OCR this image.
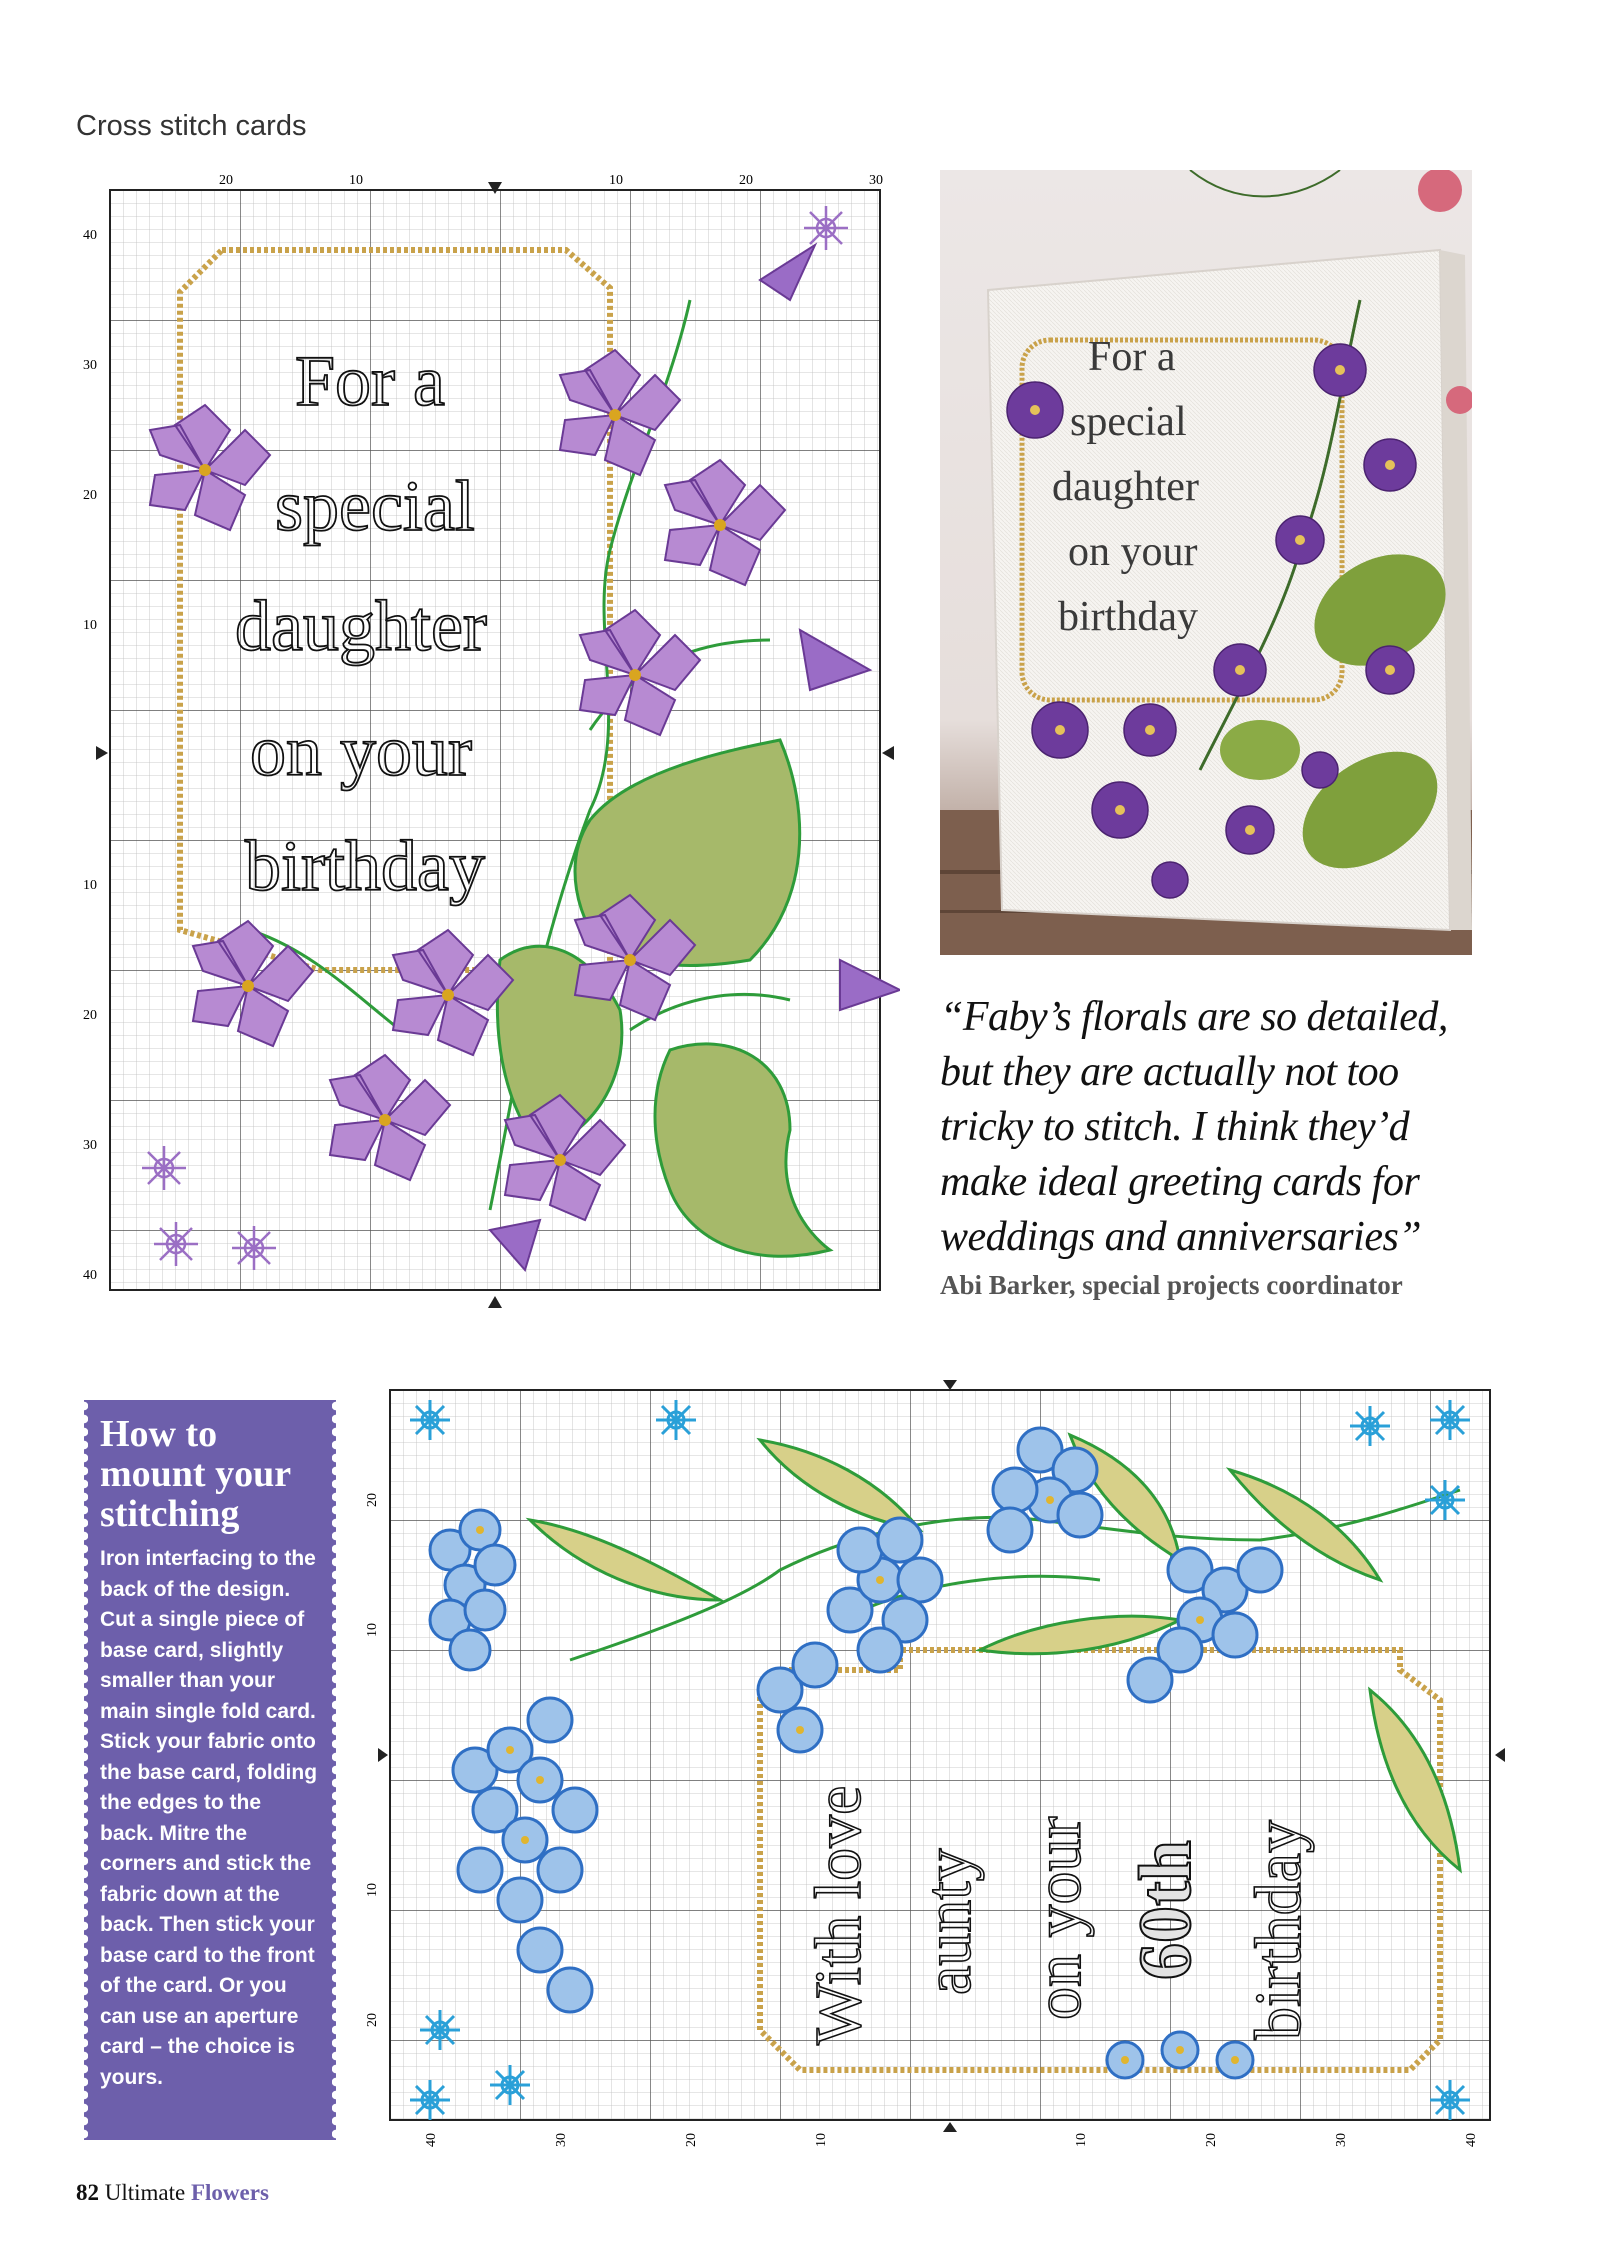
Cross stitch cards
20	10	10	20	30
40
30
20
10
10
20
30
40
For a
special
daughter
on your
birthday
For a
special
daughter
on your
birthday
“Faby’s florals are so detailed,
but they are actually not too
tricky to stitch. I think they’d
make ideal greeting cards for
weddings and anniversaries”
Abi Barker, special projects coordinator
How to
mount your
stitching

Iron interfacing to the back of the design. Cut a single piece of base card, slightly smaller than your main single fold card. Stick your fabric onto the base card, folding the edges to the back. Mitre the corners and stick the fabric down at the back. Then stick your base card to the front of the card. Or you can use an aperture card – the choice is yours.

20
10
10
20
40	30	20	10	10	20	30	40
With love aunty on your 60th birthday
82 Ultimate Flowers
